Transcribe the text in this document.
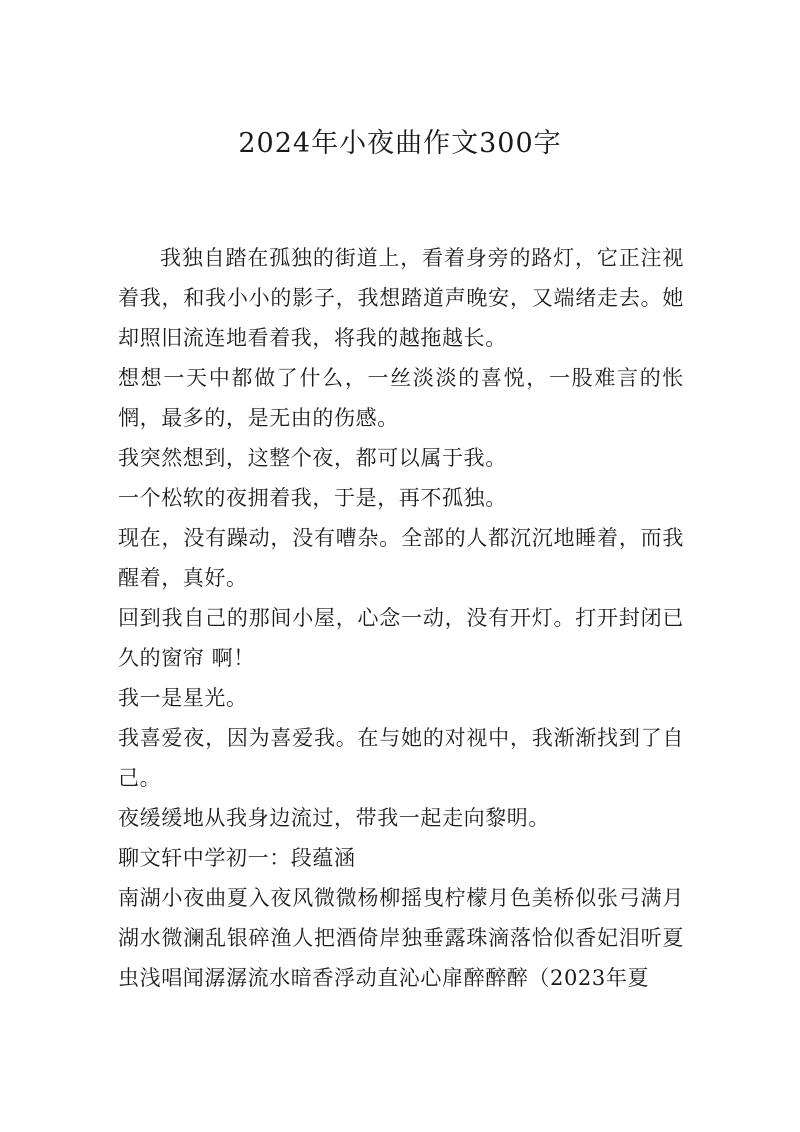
2024年小夜曲作文300字

我独自踏在孤独的街道上，看着身旁的路灯，它正注视着我，和我小小的影子，我想踏道声晚安，又端绪走去。她却照旧流连地看着我，将我的越拖越长。

想想一天中都做了什么，一丝淡淡的喜悦，一股难言的怅惘，最多的，是无由的伤感。

我突然想到，这整个夜，都可以属于我。

一个松软的夜拥着我，于是，再不孤独。

现在，没有躁动，没有嘈杂。全部的人都沉沉地睡着，而我醒着，真好。

回到我自己的那间小屋，心念一动，没有开灯。打开封闭已久的窗帘 啊！

我一是星光。

我喜爱夜，因为喜爱我。在与她的对视中，我渐渐找到了自己。

夜缓缓地从我身边流过，带我一起走向黎明。

聊文轩中学初一：段蕴涵

南湖小夜曲夏入夜风微微杨柳摇曳柠檬月色美桥似张弓满月湖水微澜乱银碎渔人把酒倚岸独垂露珠滴落恰似香妃泪听夏虫浅唱闻潺潺流水暗香浮动直沁心扉醉醉醉（2023年夏
